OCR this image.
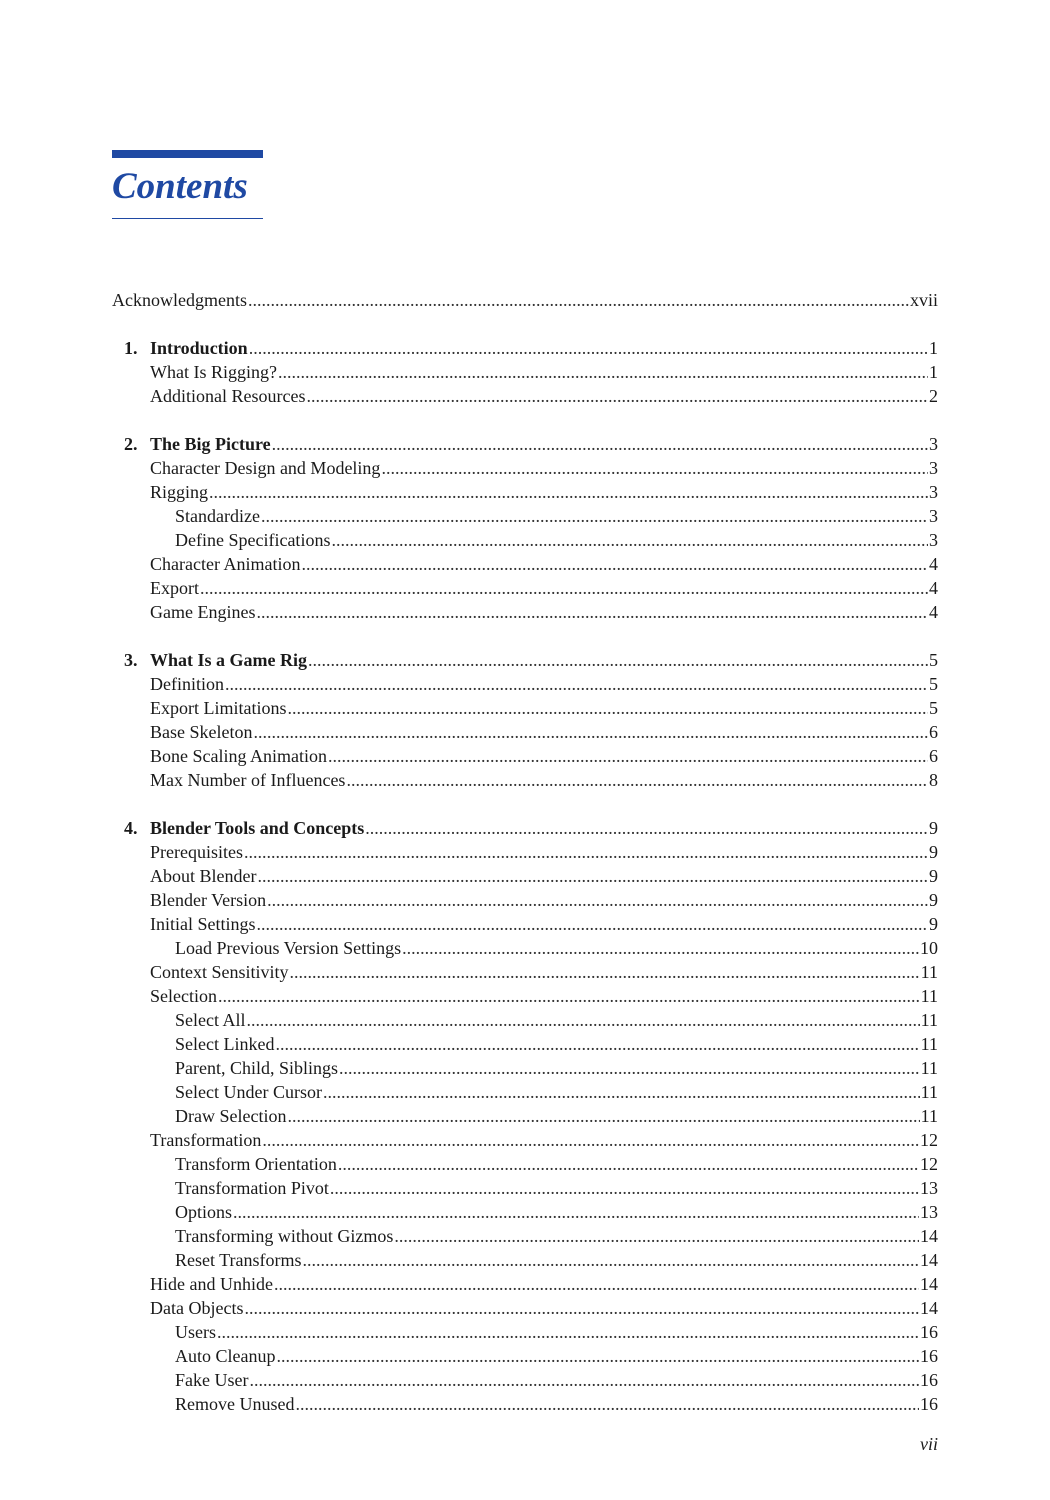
Contents
Acknowledgments .....	xvii
1. Introduction .....	1
What Is Rigging? .....	1
Additional Resources .....	2
2. The Big Picture .....	3
Character Design and Modeling .....	3
Rigging .....	3
Standardize .....	3
Define Specifications .....	3
Character Animation .....	4
Export .....	4
Game Engines .....	4
3. What Is a Game Rig .....	5
Definition .....	5
Export Limitations .....	5
Base Skeleton .....	6
Bone Scaling Animation .....	6
Max Number of Influences .....	8
4. Blender Tools and Concepts .....	9
Prerequisites .....	9
About Blender .....	9
Blender Version .....	9
Initial Settings .....	9
Load Previous Version Settings .....	10
Context Sensitivity .....	11
Selection .....	11
Select All .....	11
Select Linked .....	11
Parent, Child, Siblings .....	11
Select Under Cursor .....	11
Draw Selection .....	11
Transformation .....	12
Transform Orientation .....	12
Transformation Pivot .....	13
Options .....	13
Transforming without Gizmos .....	14
Reset Transforms .....	14
Hide and Unhide .....	14
Data Objects .....	14
Users .....	16
Auto Cleanup .....	16
Fake User .....	16
Remove Unused .....	16
vii
